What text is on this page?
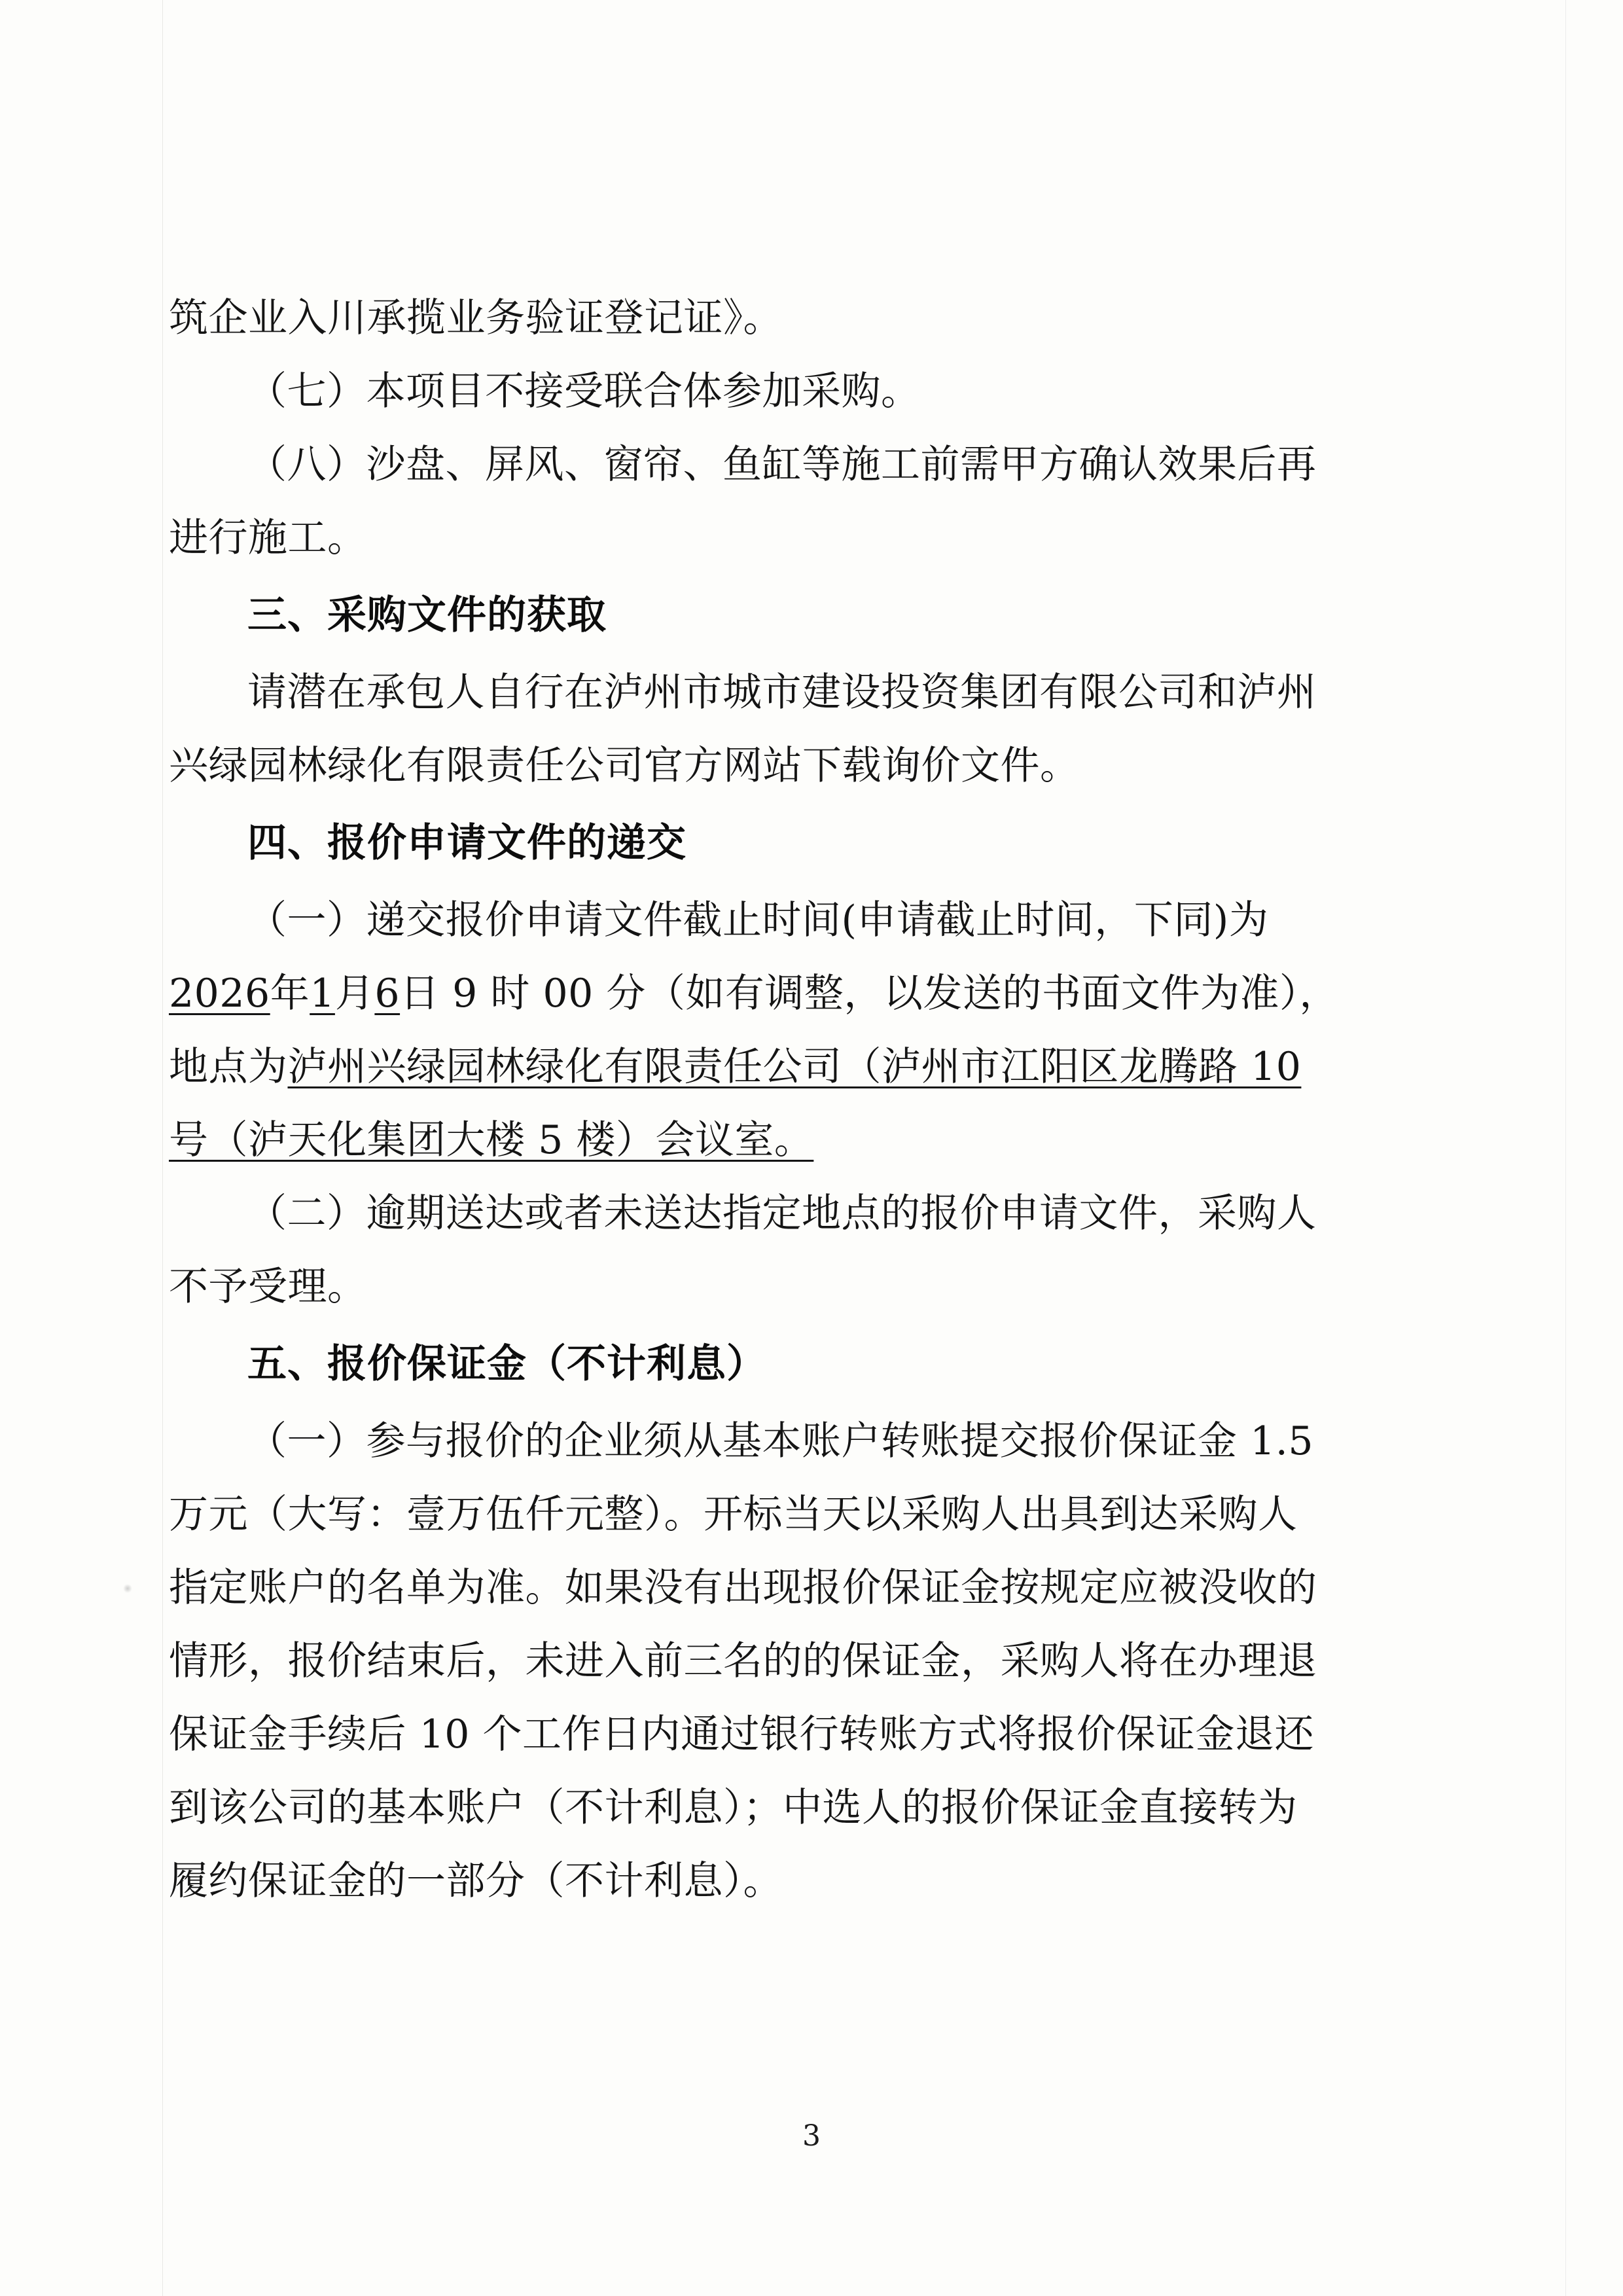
筑企业入川承揽业务验证登记证》。
（七）本项目不接受联合体参加采购。
（八）沙盘、屏风、窗帘、鱼缸等施工前需甲方确认效果后再
进行施工。
三、采购文件的获取
请潜在承包人自行在泸州市城市建设投资集团有限公司和泸州
兴绿园林绿化有限责任公司官方网站下载询价文件。
四、报价申请文件的递交
（一）递交报价申请文件截止时间(申请截止时间，下同)为
2026年1月6日 9 时 00 分（如有调整，以发送的书面文件为准），
地点为泸州兴绿园林绿化有限责任公司（泸州市江阳区龙腾路 10
号（泸天化集团大楼 5 楼）会议室。
（二）逾期送达或者未送达指定地点的报价申请文件，采购人
不予受理。
五、报价保证金（不计利息）
（一）参与报价的企业须从基本账户转账提交报价保证金 1.5
万元（大写：壹万伍仟元整）。开标当天以采购人出具到达采购人
指定账户的名单为准。如果没有出现报价保证金按规定应被没收的
情形，报价结束后，未进入前三名的的保证金，采购人将在办理退
保证金手续后 10 个工作日内通过银行转账方式将报价保证金退还
到该公司的基本账户（不计利息）；中选人的报价保证金直接转为
履约保证金的一部分（不计利息）。
3
